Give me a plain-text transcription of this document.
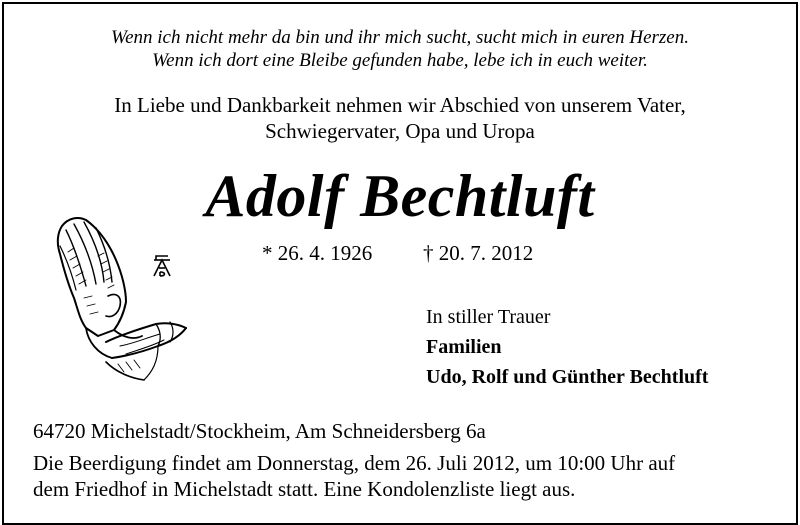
Wenn ich nicht mehr da bin und ihr mich sucht, sucht mich in euren Herzen.
Wenn ich dort eine Bleibe gefunden habe, lebe ich in euch weiter.
In Liebe und Dankbarkeit nehmen wir Abschied von unserem Vater,
Schwiegervater, Opa und Uropa
Adolf Bechtluft
* 26. 4. 1926 † 20. 7. 2012
In stiller Trauer
Familien
Udo, Rolf und Günther Bechtluft
64720 Michelstadt/Stockheim, Am Schneidersberg 6a
Die Beerdigung findet am Donnerstag, dem 26. Juli 2012, um 10:00 Uhr auf
dem Friedhof in Michelstadt statt. Eine Kondolenzliste liegt aus.
